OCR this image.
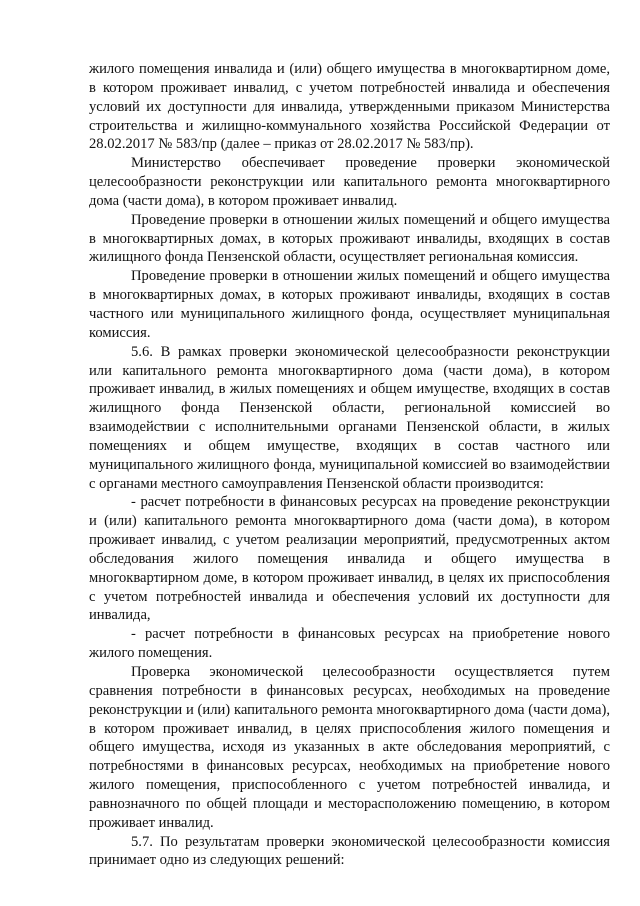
жилого помещения инвалида и (или) общего имущества в многоквартирном доме, в котором проживает инвалид, с учетом потребностей инвалида и обеспечения условий их доступности для инвалида, утвержденными приказом Министерства строительства и жилищно-коммунального хозяйства Российской Федерации от 28.02.2017 № 583/пр (далее – приказ от 28.02.2017 № 583/пр).

Министерство обеспечивает проведение проверки экономической целесообразности реконструкции или капитального ремонта многоквартирного дома (части дома), в котором проживает инвалид.

Проведение проверки в отношении жилых помещений и общего имущества в многоквартирных домах, в которых проживают инвалиды, входящих в состав жилищного фонда Пензенской области, осуществляет региональная комиссия.

Проведение проверки в отношении жилых помещений и общего имущества в многоквартирных домах, в которых проживают инвалиды, входящих в состав частного или муниципального жилищного фонда, осуществляет муниципальная комиссия.

5.6. В рамках проверки экономической целесообразности реконструкции или капитального ремонта многоквартирного дома (части дома), в котором проживает инвалид, в жилых помещениях и общем имуществе, входящих в состав жилищного фонда Пензенской области, региональной комиссией во взаимодействии с исполнительными органами Пензенской области, в жилых помещениях и общем имуществе, входящих в состав частного или муниципального жилищного фонда, муниципальной комиссией во взаимодействии с органами местного самоуправления Пензенской области производится:

- расчет потребности в финансовых ресурсах на проведение реконструкции и (или) капитального ремонта многоквартирного дома (части дома), в котором проживает инвалид, с учетом реализации мероприятий, предусмотренных актом обследования жилого помещения инвалида и общего имущества в многоквартирном доме, в котором проживает инвалид, в целях их приспособления с учетом потребностей инвалида и обеспечения условий их доступности для инвалида,

- расчет потребности в финансовых ресурсах на приобретение нового жилого помещения.

Проверка экономической целесообразности осуществляется путем сравнения потребности в финансовых ресурсах, необходимых на проведение реконструкции и (или) капитального ремонта многоквартирного дома (части дома), в котором проживает инвалид, в целях приспособления жилого помещения и общего имущества, исходя из указанных в акте обследования мероприятий, с потребностями в финансовых ресурсах, необходимых на приобретение нового жилого помещения, приспособленного с учетом потребностей инвалида, и равнозначного по общей площади и месторасположению помещению, в котором проживает инвалид.

5.7. По результатам проверки экономической целесообразности комиссия принимает одно из следующих решений:
